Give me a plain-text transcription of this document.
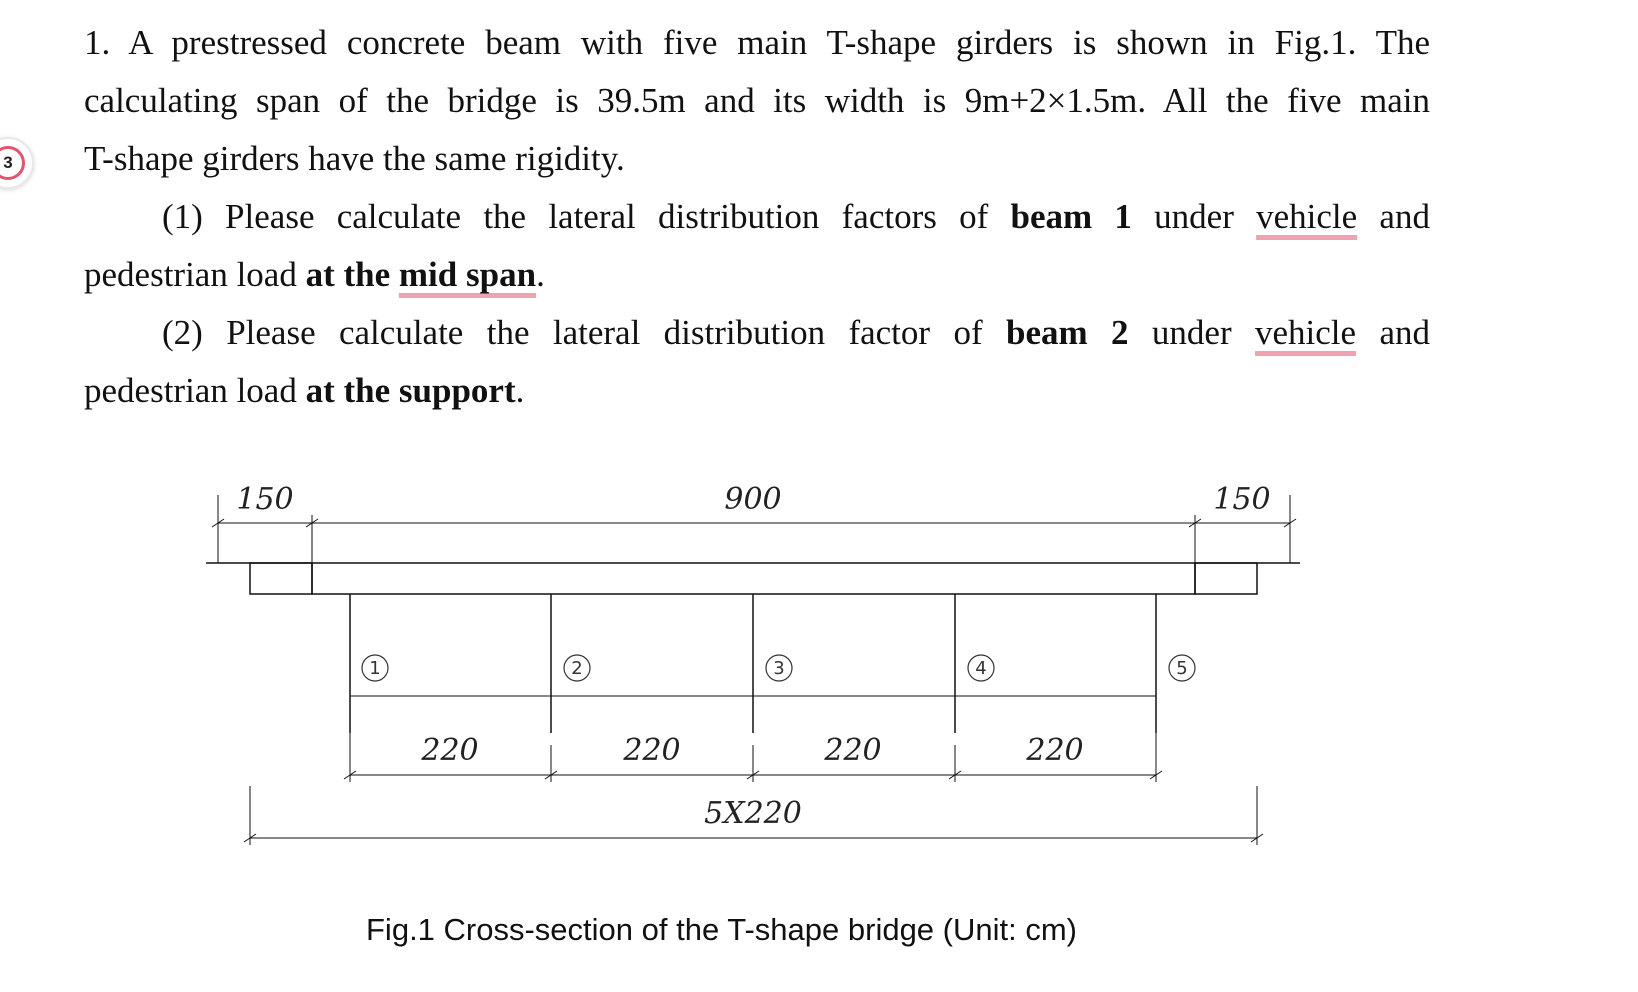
3
1. A prestressed concrete beam with five main T-shape girders is shown in Fig.1. The
calculating span of the bridge is 39.5m and its width is 9m+2×1.5m. All the five main
T-shape girders have the same rigidity.
(1) Please calculate the lateral distribution factors of beam 1 under vehicle and
pedestrian load at the mid span.
(2) Please calculate the lateral distribution factor of beam 2 under vehicle and
pedestrian load at the support.
1	2	3	4	5
150	900	150
220	220	220	220
5X220
Fig.1 Cross-section of the T-shape bridge (Unit: cm)
